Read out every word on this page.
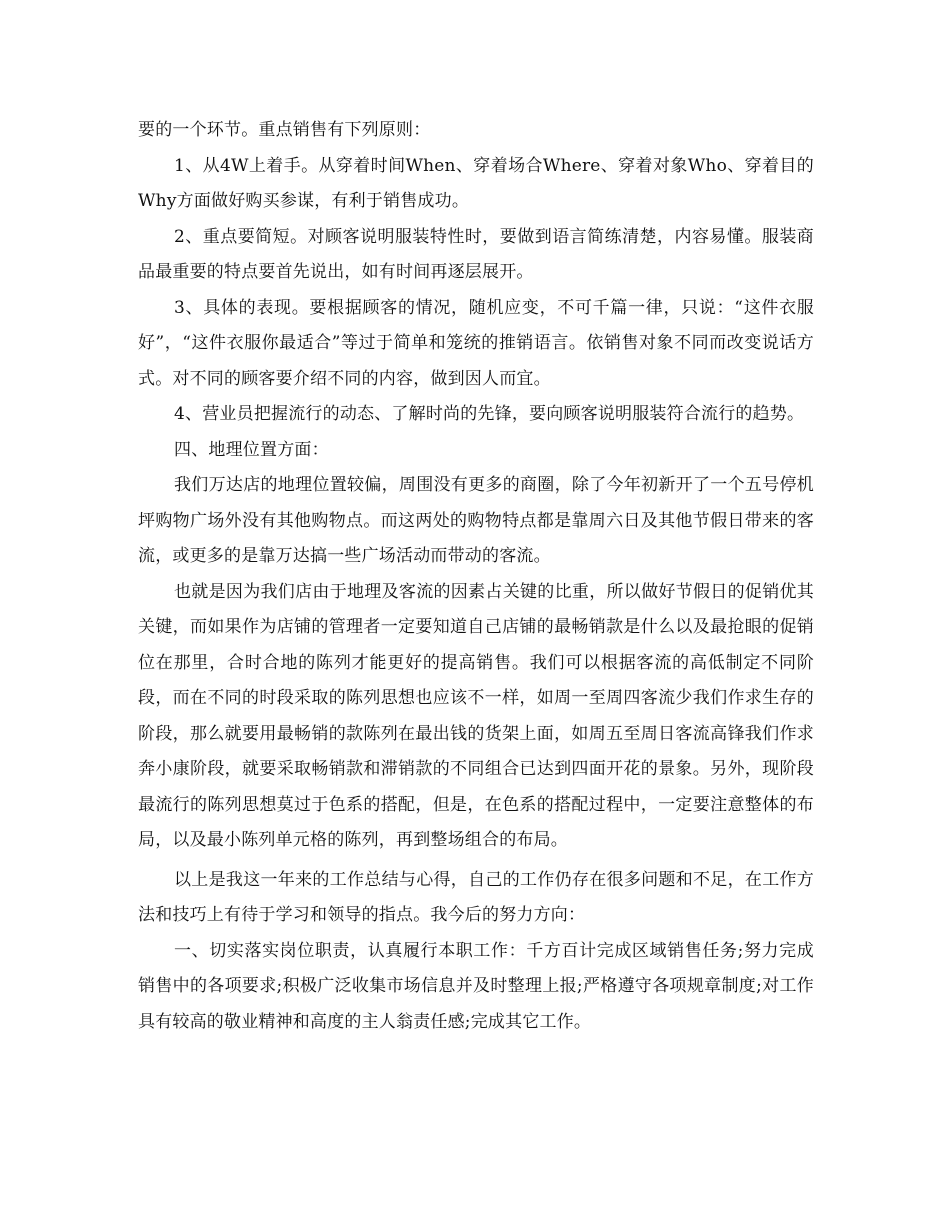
要的一个环节。重点销售有下列原则：

1、从4W上着手。从穿着时间When、穿着场合Where、穿着对象Who、穿着目的Why方面做好购买参谋，有利于销售成功。

2、重点要简短。对顾客说明服装特性时，要做到语言简练清楚，内容易懂。服装商品最重要的特点要首先说出，如有时间再逐层展开。

3、具体的表现。要根据顾客的情况，随机应变，不可千篇一律，只说：“这件衣服好”，“这件衣服你最适合”等过于简单和笼统的推销语言。依销售对象不同而改变说话方式。对不同的顾客要介绍不同的内容，做到因人而宜。

4、营业员把握流行的动态、了解时尚的先锋，要向顾客说明服装符合流行的趋势。

四、地理位置方面：

我们万达店的地理位置较偏，周围没有更多的商圈，除了今年初新开了一个五号停机坪购物广场外没有其他购物点。而这两处的购物特点都是靠周六日及其他节假日带来的客流，或更多的是靠万达搞一些广场活动而带动的客流。

也就是因为我们店由于地理及客流的因素占关键的比重，所以做好节假日的促销优其关键，而如果作为店铺的管理者一定要知道自己店铺的最畅销款是什么以及最抢眼的促销位在那里，合时合地的陈列才能更好的提高销售。我们可以根据客流的高低制定不同阶段，而在不同的时段采取的陈列思想也应该不一样，如周一至周四客流少我们作求生存的阶段，那么就要用最畅销的款陈列在最出钱的货架上面，如周五至周日客流高锋我们作求奔小康阶段，就要采取畅销款和滞销款的不同组合已达到四面开花的景象。另外，现阶段最流行的陈列思想莫过于色系的搭配，但是，在色系的搭配过程中，一定要注意整体的布局，以及最小陈列单元格的陈列，再到整场组合的布局。

以上是我这一年来的工作总结与心得，自己的工作仍存在很多问题和不足，在工作方法和技巧上有待于学习和领导的指点。我今后的努力方向：

一、切实落实岗位职责，认真履行本职工作：千方百计完成区域销售任务;努力完成销售中的各项要求;积极广泛收集市场信息并及时整理上报;严格遵守各项规章制度;对工作具有较高的敬业精神和高度的主人翁责任感;完成其它工作。
